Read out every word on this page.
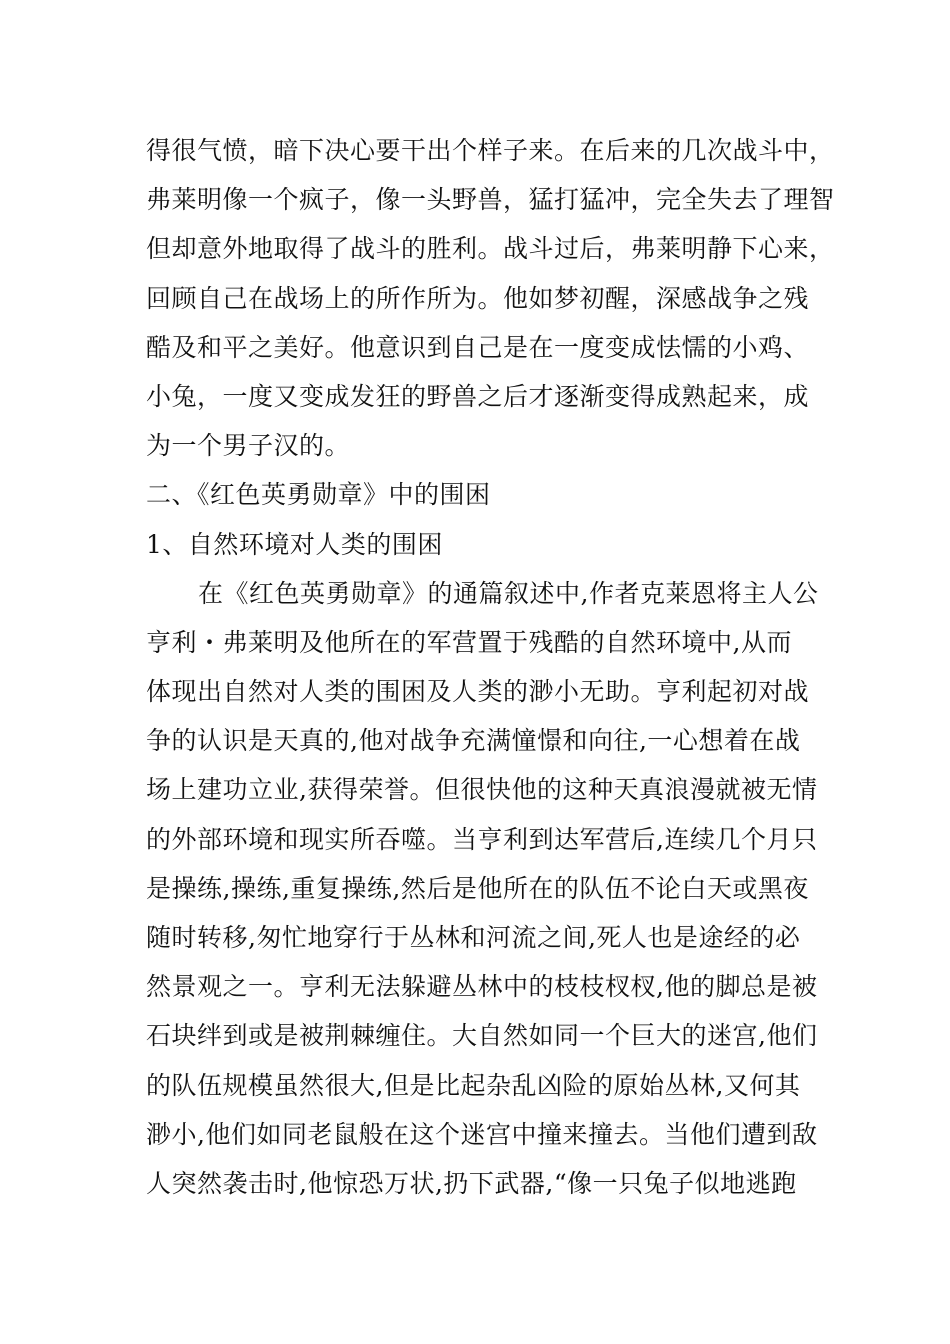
得很气愤，暗下决心要干出个样子来。在后来的几次战斗中，
弗莱明像一个疯子，像一头野兽，猛打猛冲，完全失去了理智
但却意外地取得了战斗的胜利。战斗过后，弗莱明静下心来，
回顾自己在战场上的所作所为。他如梦初醒，深感战争之残
酷及和平之美好。他意识到自己是在一度变成怯懦的小鸡、
小兔，一度又变成发狂的野兽之后才逐渐变得成熟起来，成
为一个男子汉的。
二、《红色英勇勋章》中的围困
1、自然环境对人类的围困
在《红色英勇勋章》的通篇叙述中,作者克莱恩将主人公
亨利・弗莱明及他所在的军营置于残酷的自然环境中,从而
体现出自然对人类的围困及人类的渺小无助。亨利起初对战
争的认识是天真的,他对战争充满憧憬和向往,一心想着在战
场上建功立业,获得荣誉。但很快他的这种天真浪漫就被无情
的外部环境和现实所吞噬。当亨利到达军营后,连续几个月只
是操练,操练,重复操练,然后是他所在的队伍不论白天或黑夜
随时转移,匆忙地穿行于丛林和河流之间,死人也是途经的必
然景观之一。亨利无法躲避丛林中的枝枝杈杈,他的脚总是被
石块绊到或是被荆棘缠住。大自然如同一个巨大的迷宫,他们
的队伍规模虽然很大,但是比起杂乱凶险的原始丛林,又何其
渺小,他们如同老鼠般在这个迷宫中撞来撞去。当他们遭到敌
人突然袭击时,他惊恐万状,扔下武器,“像一只兔子似地逃跑
